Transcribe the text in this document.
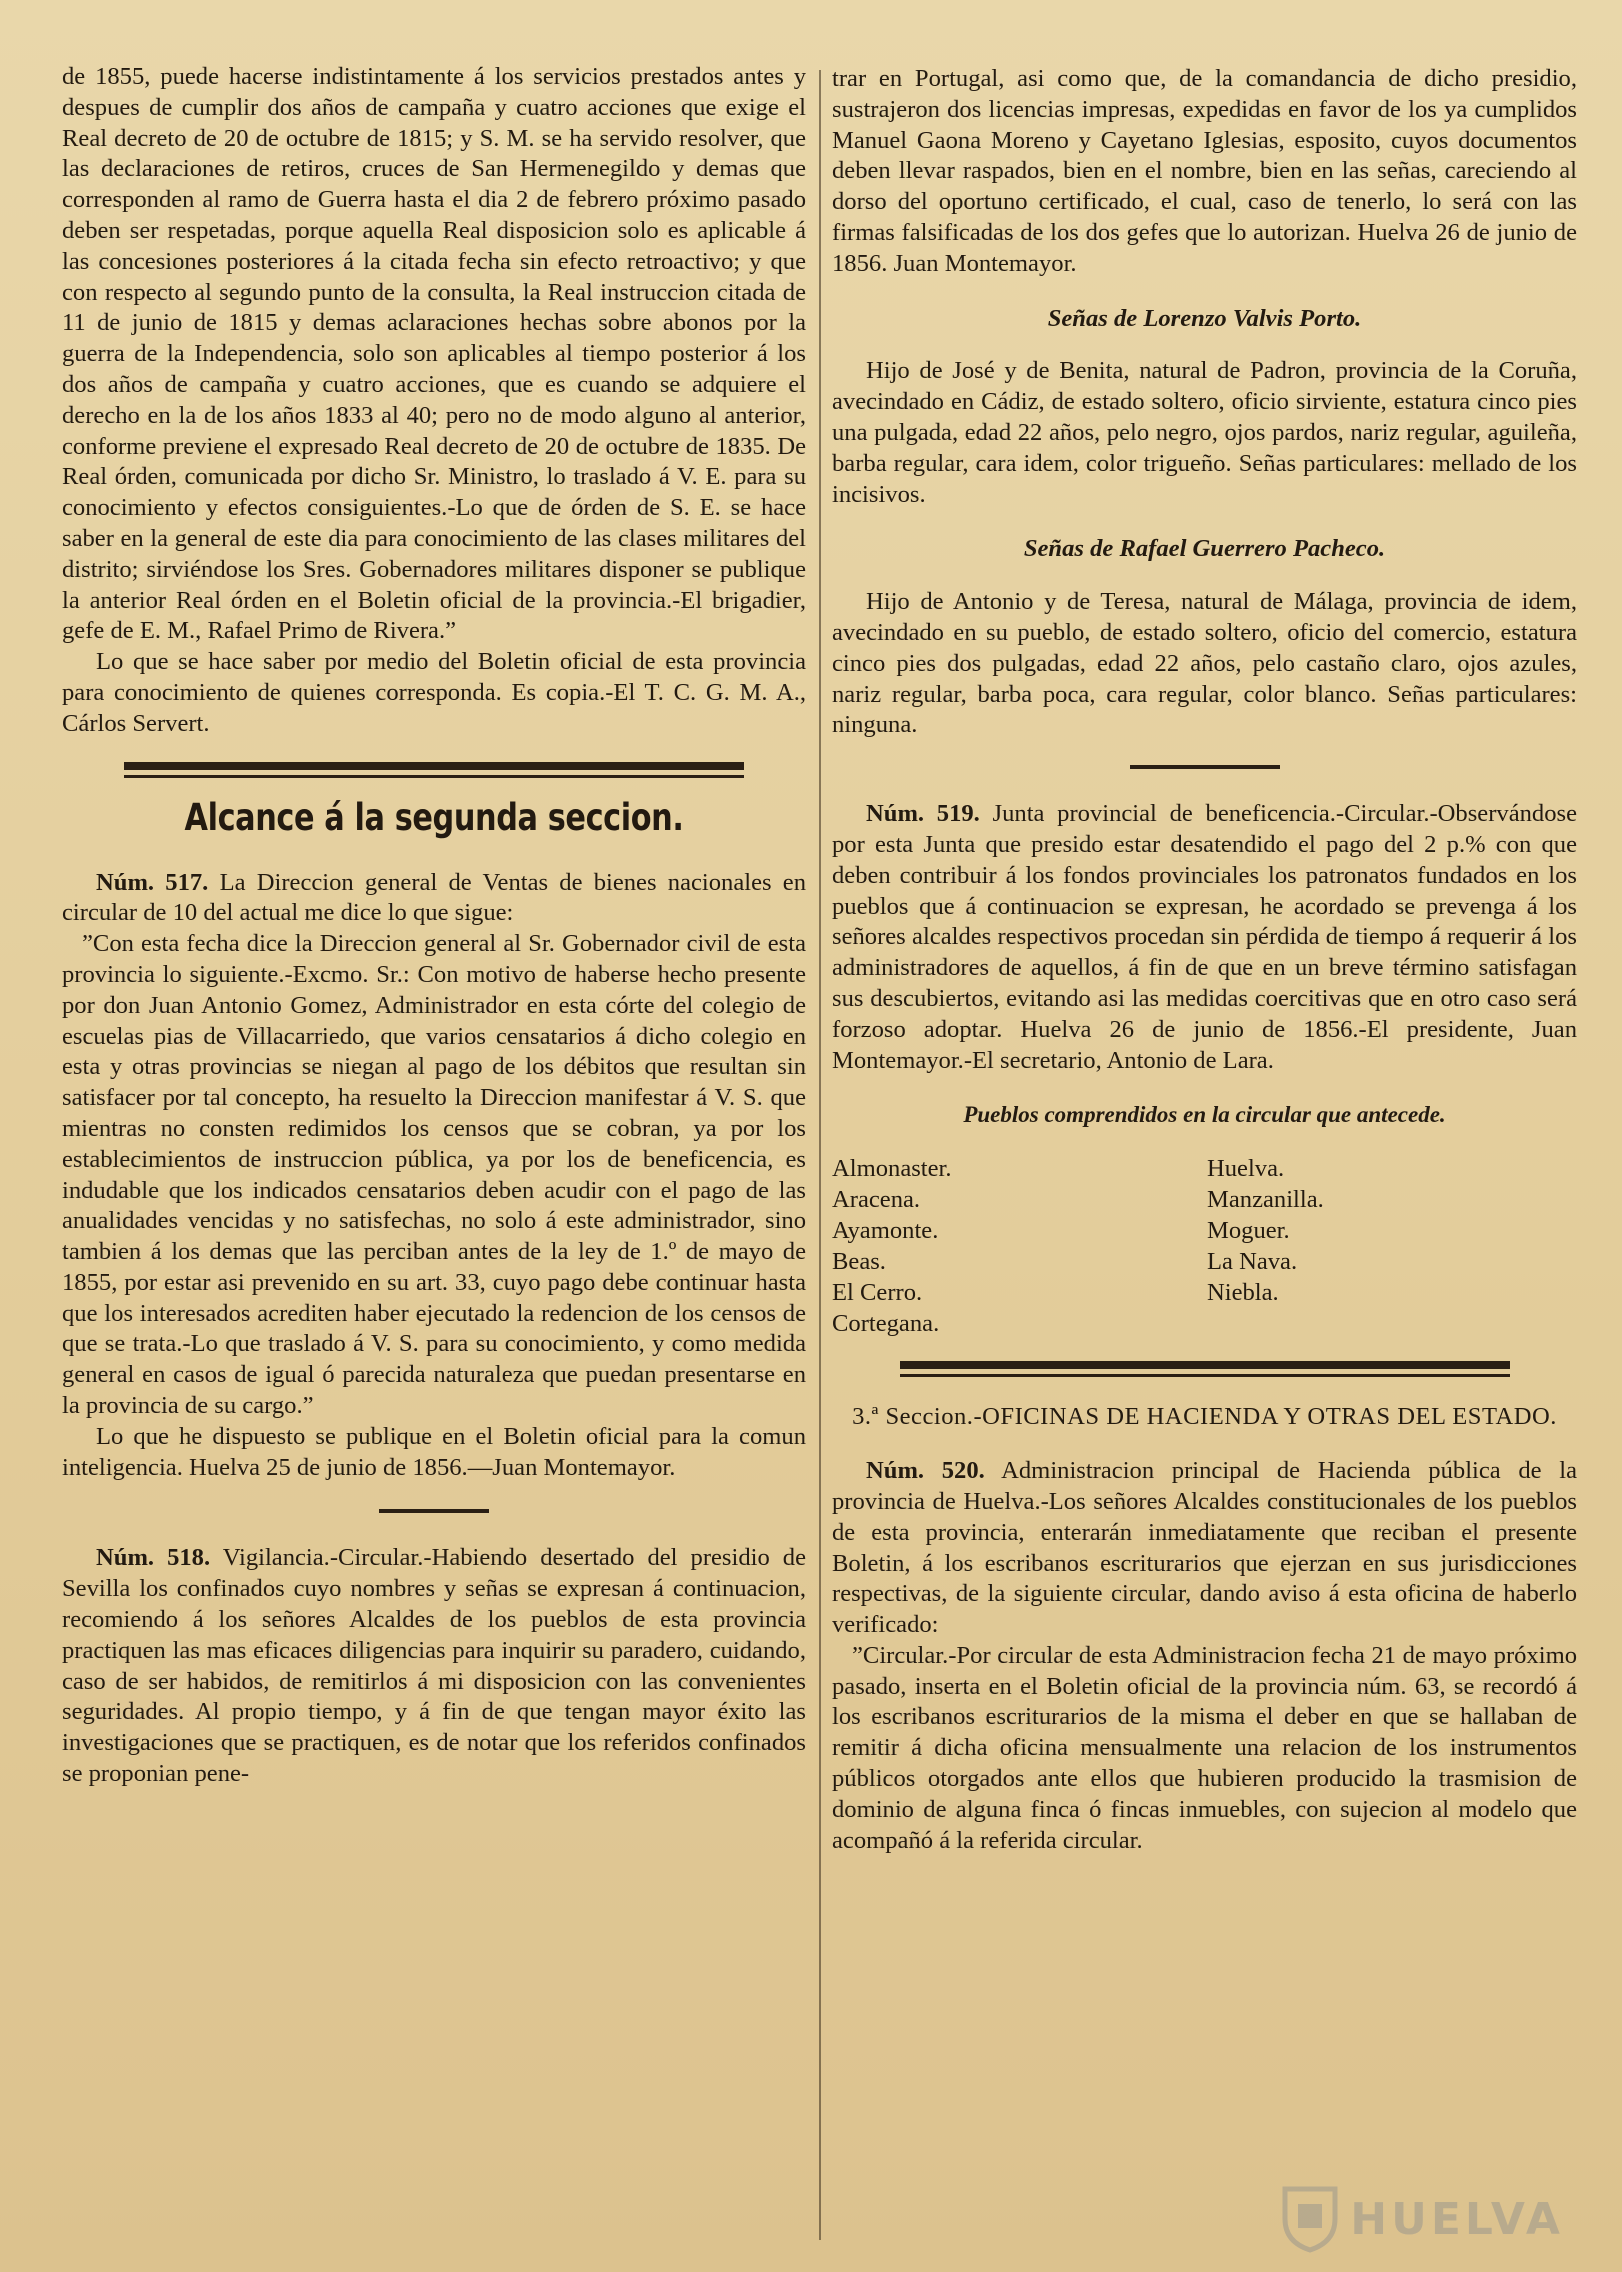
de 1855, puede hacerse indistintamente á los servicios prestados antes y despues de cumplir dos años de campaña y cuatro acciones que exige el Real decreto de 20 de octubre de 1815; y S. M. se ha servido resolver, que las declaraciones de retiros, cruces de San Hermenegildo y demas que corresponden al ramo de Guerra hasta el dia 2 de febrero próximo pasado deben ser respetadas, porque aquella Real disposicion solo es aplicable á las concesiones posteriores á la citada fecha sin efecto retroactivo; y que con respecto al segundo punto de la consulta, la Real instruccion citada de 11 de junio de 1815 y demas aclaraciones hechas sobre abonos por la guerra de la Independencia, solo son aplicables al tiempo posterior á los dos años de campaña y cuatro acciones, que es cuando se adquiere el derecho en la de los años 1833 al 40; pero no de modo alguno al anterior, conforme previene el expresado Real decreto de 20 de octubre de 1835. De Real órden, comunicada por dicho Sr. Ministro, lo traslado á V. E. para su conocimiento y efectos consiguientes.-Lo que de órden de S. E. se hace saber en la general de este dia para conocimiento de las clases militares del distrito; sirviéndose los Sres. Gobernadores militares disponer se publique la anterior Real órden en el Boletin oficial de la provincia.-El brigadier, gefe de E. M., Rafael Primo de Rivera.”

Lo que se hace saber por medio del Boletin oficial de esta provincia para conocimiento de quienes corresponda. Es copia.-El T. C. G. M. A., Cárlos Servert.

Alcance á la segunda seccion.

Núm. 517. La Direccion general de Ventas de bienes nacionales en circular de 10 del actual me dice lo que sigue:

”Con esta fecha dice la Direccion general al Sr. Gobernador civil de esta provincia lo siguiente.-Excmo. Sr.: Con motivo de haberse hecho presente por don Juan Antonio Gomez, Administrador en esta córte del colegio de escuelas pias de Villacarriedo, que varios censatarios á dicho colegio en esta y otras provincias se niegan al pago de los débitos que resultan sin satisfacer por tal concepto, ha resuelto la Direccion manifestar á V. S. que mientras no consten redimidos los censos que se cobran, ya por los establecimientos de instruccion pública, ya por los de beneficencia, es indudable que los indicados censatarios deben acudir con el pago de las anualidades vencidas y no satisfechas, no solo á este administrador, sino tambien á los demas que las perciban antes de la ley de 1.º de mayo de 1855, por estar asi prevenido en su art. 33, cuyo pago debe continuar hasta que los interesados acrediten haber ejecutado la redencion de los censos de que se trata.-Lo que traslado á V. S. para su conocimiento, y como medida general en casos de igual ó parecida naturaleza que puedan presentarse en la provincia de su cargo.”

Lo que he dispuesto se publique en el Boletin oficial para la comun inteligencia. Huelva 25 de junio de 1856.—Juan Montemayor.

Núm. 518. Vigilancia.-Circular.-Habiendo desertado del presidio de Sevilla los confinados cuyo nombres y señas se expresan á continuacion, recomiendo á los señores Alcaldes de los pueblos de esta provincia practiquen las mas eficaces diligencias para inquirir su paradero, cuidando, caso de ser habidos, de remitirlos á mi disposicion con las convenientes seguridades. Al propio tiempo, y á fin de que tengan mayor éxito las investigaciones que se practiquen, es de notar que los referidos confinados se proponian pene-

trar en Portugal, asi como que, de la comandancia de dicho presidio, sustrajeron dos licencias impresas, expedidas en favor de los ya cumplidos Manuel Gaona Moreno y Cayetano Iglesias, esposito, cuyos documentos deben llevar raspados, bien en el nombre, bien en las señas, careciendo al dorso del oportuno certificado, el cual, caso de tenerlo, lo será con las firmas falsificadas de los dos gefes que lo autorizan. Huelva 26 de junio de 1856. Juan Montemayor.

Señas de Lorenzo Valvis Porto.

Hijo de José y de Benita, natural de Padron, provincia de la Coruña, avecindado en Cádiz, de estado soltero, oficio sirviente, estatura cinco pies una pulgada, edad 22 años, pelo negro, ojos pardos, nariz regular, aguileña, barba regular, cara idem, color trigueño. Señas particulares: mellado de los incisivos.

Señas de Rafael Guerrero Pacheco.

Hijo de Antonio y de Teresa, natural de Málaga, provincia de idem, avecindado en su pueblo, de estado soltero, oficio del comercio, estatura cinco pies dos pulgadas, edad 22 años, pelo castaño claro, ojos azules, nariz regular, barba poca, cara regular, color blanco. Señas particulares: ninguna.

Núm. 519. Junta provincial de beneficencia.-Circular.-Observándose por esta Junta que presido estar desatendido el pago del 2 p.% con que deben contribuir á los fondos provinciales los patronatos fundados en los pueblos que á continuacion se expresan, he acordado se prevenga á los señores alcaldes respectivos procedan sin pérdida de tiempo á requerir á los administradores de aquellos, á fin de que en un breve término satisfagan sus descubiertos, evitando asi las medidas coercitivas que en otro caso será forzoso adoptar. Huelva 26 de junio de 1856.-El presidente, Juan Montemayor.-El secretario, Antonio de Lara.

Pueblos comprendidos en la circular que antecede.
Almonaster.
Aracena.
Ayamonte.
Beas.
El Cerro.
Cortegana.
Huelva.
Manzanilla.
Moguer.
La Nava.
Niebla.
3.ª Seccion.-OFICINAS DE HACIENDA Y OTRAS DEL ESTADO.

Núm. 520. Administracion principal de Hacienda pública de la provincia de Huelva.-Los señores Alcaldes constitucionales de los pueblos de esta provincia, enterarán inmediatamente que reciban el presente Boletin, á los escribanos escriturarios que ejerzan en sus jurisdicciones respectivas, de la siguiente circular, dando aviso á esta oficina de haberlo verificado:

”Circular.-Por circular de esta Administracion fecha 21 de mayo próximo pasado, inserta en el Boletin oficial de la provincia núm. 63, se recordó á los escribanos escriturarios de la misma el deber en que se hallaban de remitir á dicha oficina mensualmente una relacion de los instrumentos públicos otorgados ante ellos que hubieren producido la trasmision de dominio de alguna finca ó fincas inmuebles, con sujecion al modelo que acompañó á la referida circular.

HUELVA
